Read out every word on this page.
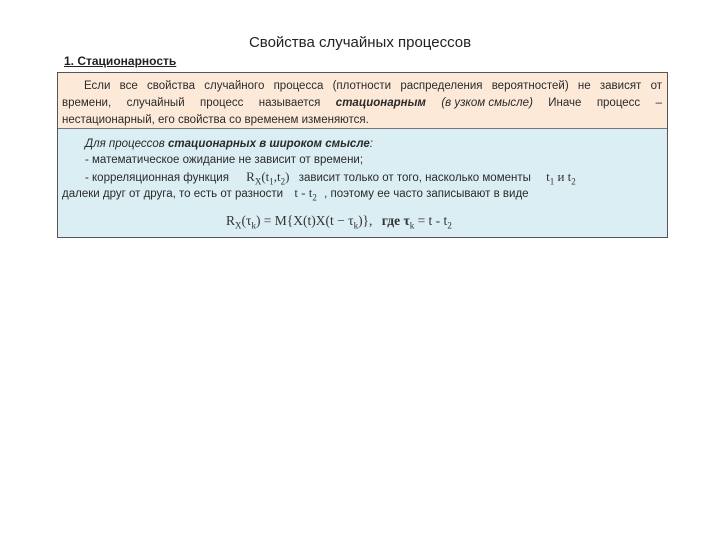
Свойства случайных процессов
1. Стационарность
Если все свойства случайного процесса (плотности распределения вероятностей) не зависят от
времени, случайный процесс называется стационарным (в узком смысле) Иначе процесс –
нестационарный, его свойства со временем изменяются.
Для процессов стационарных в широком смысле:
- математическое ожидание не зависит от времени;
- корреляционная функция $R_X(t_1,t_2)$ зависит только от того, насколько моменты $t_1$ и $t_2$
далеки друг от друга, то есть от разности t - $t_2$ , поэтому ее часто записывают в виде
$R_X(\tau_k) = M\{X(t)X(t - \tau_k)\}$, где $\tau_k = t - t_2$
